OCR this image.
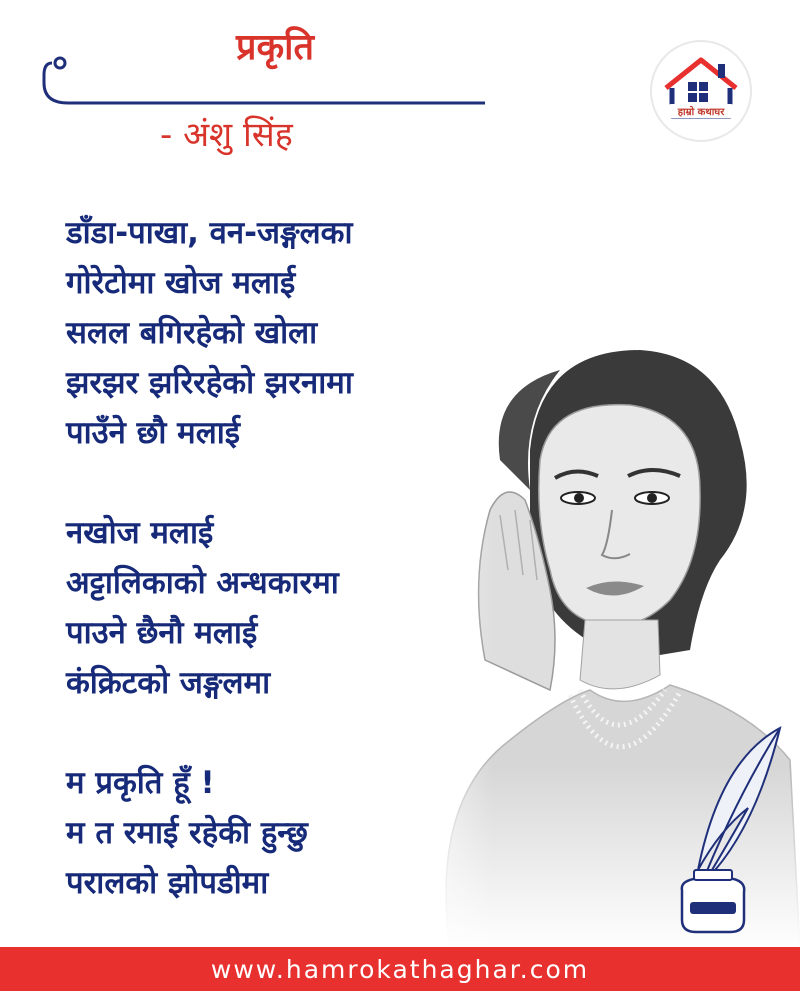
प्रकृति
- अंशु सिंह
हाम्रो कथाघर
डाँडा-पाखा, वन-जङ्गलका
गोरेटोमा खोज मलाई
सलल बगिरहेको खोला
झरझर झरिरहेको झरनामा
पाउँने छौ मलाई
नखोज मलाई
अट्टालिकाको अन्धकारमा
पाउने छैनौ मलाई
कंक्रिटको जङ्गलमा
म प्रकृति हूँ !
म त रमाई रहेकी हुन्छु
परालको झोपडीमा
www.hamrokathaghar.com
